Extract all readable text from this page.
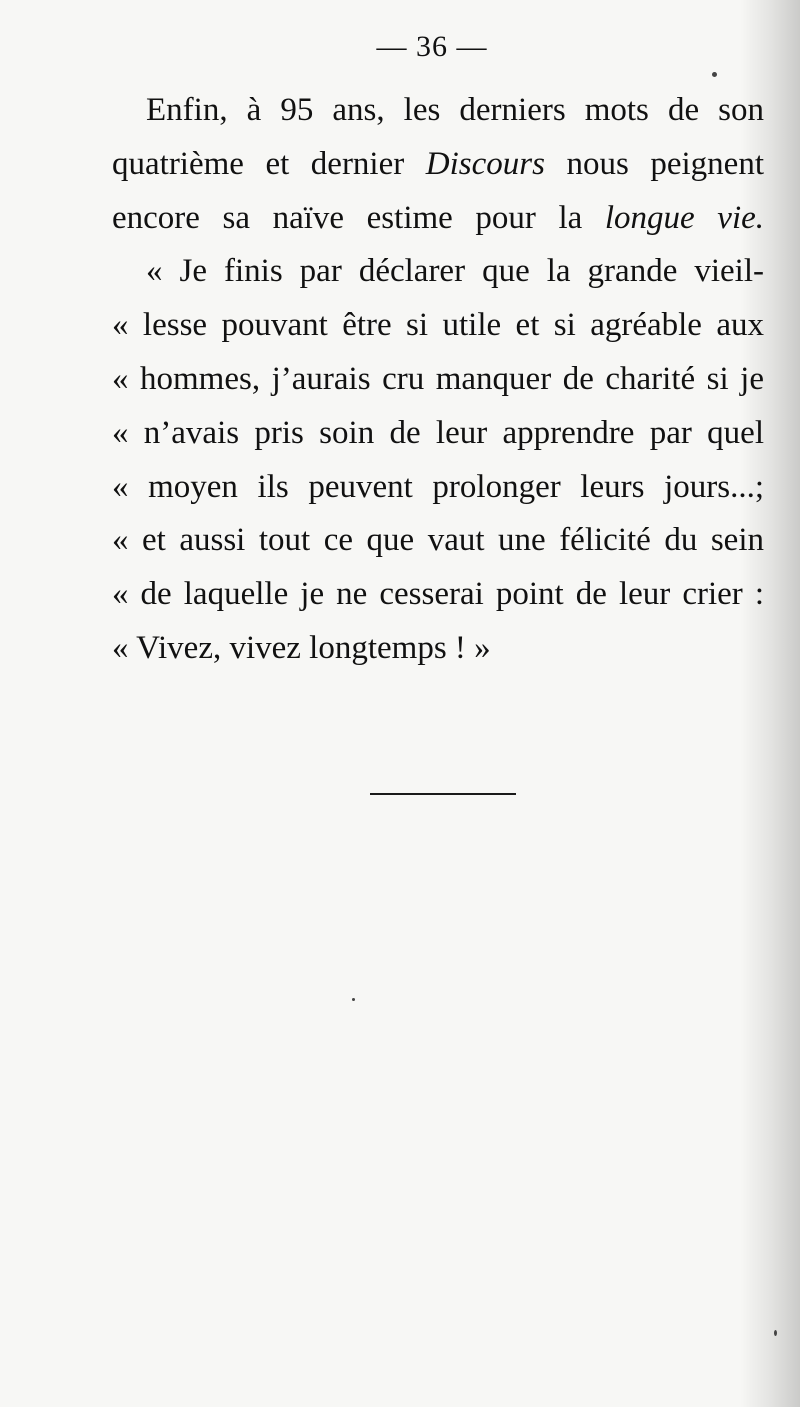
— 36 —
Enfin, à 95 ans, les derniers mots de son
quatrième et dernier Discours nous peignent
encore sa naïve estime pour la longue vie.
« Je finis par déclarer que la grande vieil-
« lesse pouvant être si utile et si agréable aux
« hommes, j’aurais cru manquer de charité si je
« n’avais pris soin de leur apprendre par quel
« moyen ils peuvent prolonger leurs jours...;
« et aussi tout ce que vaut une félicité du sein
« de laquelle je ne cesserai point de leur crier :
« Vivez, vivez longtemps ! »
